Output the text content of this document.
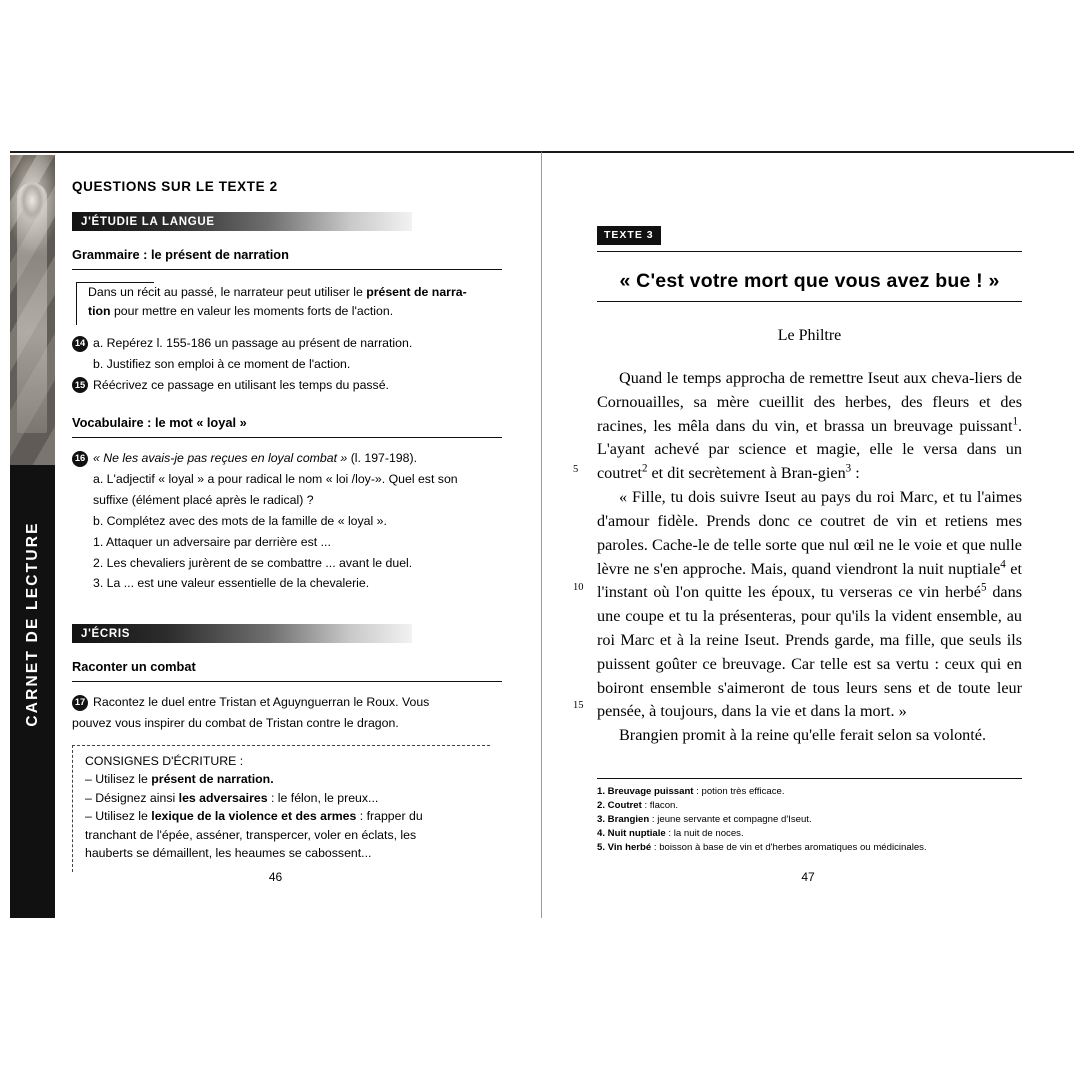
CARNET DE LECTURE

QUESTIONS SUR LE TEXTE 2

J'ÉTUDIE LA LANGUE

Grammaire : le présent de narration

Dans un récit au passé, le narrateur peut utiliser le présent de narra-

tion pour mettre en valeur les moments forts de l'action.

14 a. Repérez l. 155-186 un passage au présent de narration.

b. Justifiez son emploi à ce moment de l'action.

15 Réécrivez ce passage en utilisant les temps du passé.

Vocabulaire : le mot « loyal »

16 « Ne les avais-je pas reçues en loyal combat » (l. 197-198).

a. L'adjectif « loyal » a pour radical le nom « loi /loy-». Quel est son

suffixe (élément placé après le radical) ?

b. Complétez avec des mots de la famille de « loyal ».

1. Attaquer un adversaire par derrière est ...

2. Les chevaliers jurèrent de se combattre ... avant le duel.

3. La ... est une valeur essentielle de la chevalerie.

J'ÉCRIS

Raconter un combat

17 Racontez le duel entre Tristan et Aguynguerran le Roux. Vous

pouvez vous inspirer du combat de Tristan contre le dragon.

CONSIGNES D'ÉCRITURE :

– Utilisez le présent de narration.

– Désignez ainsi les adversaires : le félon, le preux...

– Utilisez le lexique de la violence et des armes : frapper du

tranchant de l'épée, asséner, transpercer, voler en éclats, les

hauberts se démaillent, les heaumes se cabossent...

46
TEXTE 3
« C'est votre mort que vous avez bue ! »

Le Philtre

5
10
15

Quand le temps approcha de remettre Iseut aux cheva-liers de Cornouailles, sa mère cueillit des herbes, des fleurs et des racines, les mêla dans du vin, et brassa un breuvage puissant$^1$. L'ayant achevé par science et magie, elle le versa dans un coutret$^2$ et dit secrètement à Bran-gien$^3$ :

« Fille, tu dois suivre Iseut au pays du roi Marc, et tu l'aimes d'amour fidèle. Prends donc ce coutret de vin et retiens mes paroles. Cache-le de telle sorte que nul œil ne le voie et que nulle lèvre ne s'en approche. Mais, quand viendront la nuit nuptiale$^4$ et l'instant où l'on quitte les époux, tu verseras ce vin herbé$^5$ dans une coupe et tu la présenteras, pour qu'ils la vident ensemble, au roi Marc et à la reine Iseut. Prends garde, ma fille, que seuls ils puissent goûter ce breuvage. Car telle est sa vertu : ceux qui en boiront ensemble s'aimeront de tous leurs sens et de toute leur pensée, à toujours, dans la vie et dans la mort. »

Brangien promit à la reine qu'elle ferait selon sa volonté.

1. Breuvage puissant : potion très efficace.

2. Coutret : flacon.

3. Brangien : jeune servante et compagne d'Iseut.

4. Nuit nuptiale : la nuit de noces.

5. Vin herbé : boisson à base de vin et d'herbes aromatiques ou médicinales.

47
